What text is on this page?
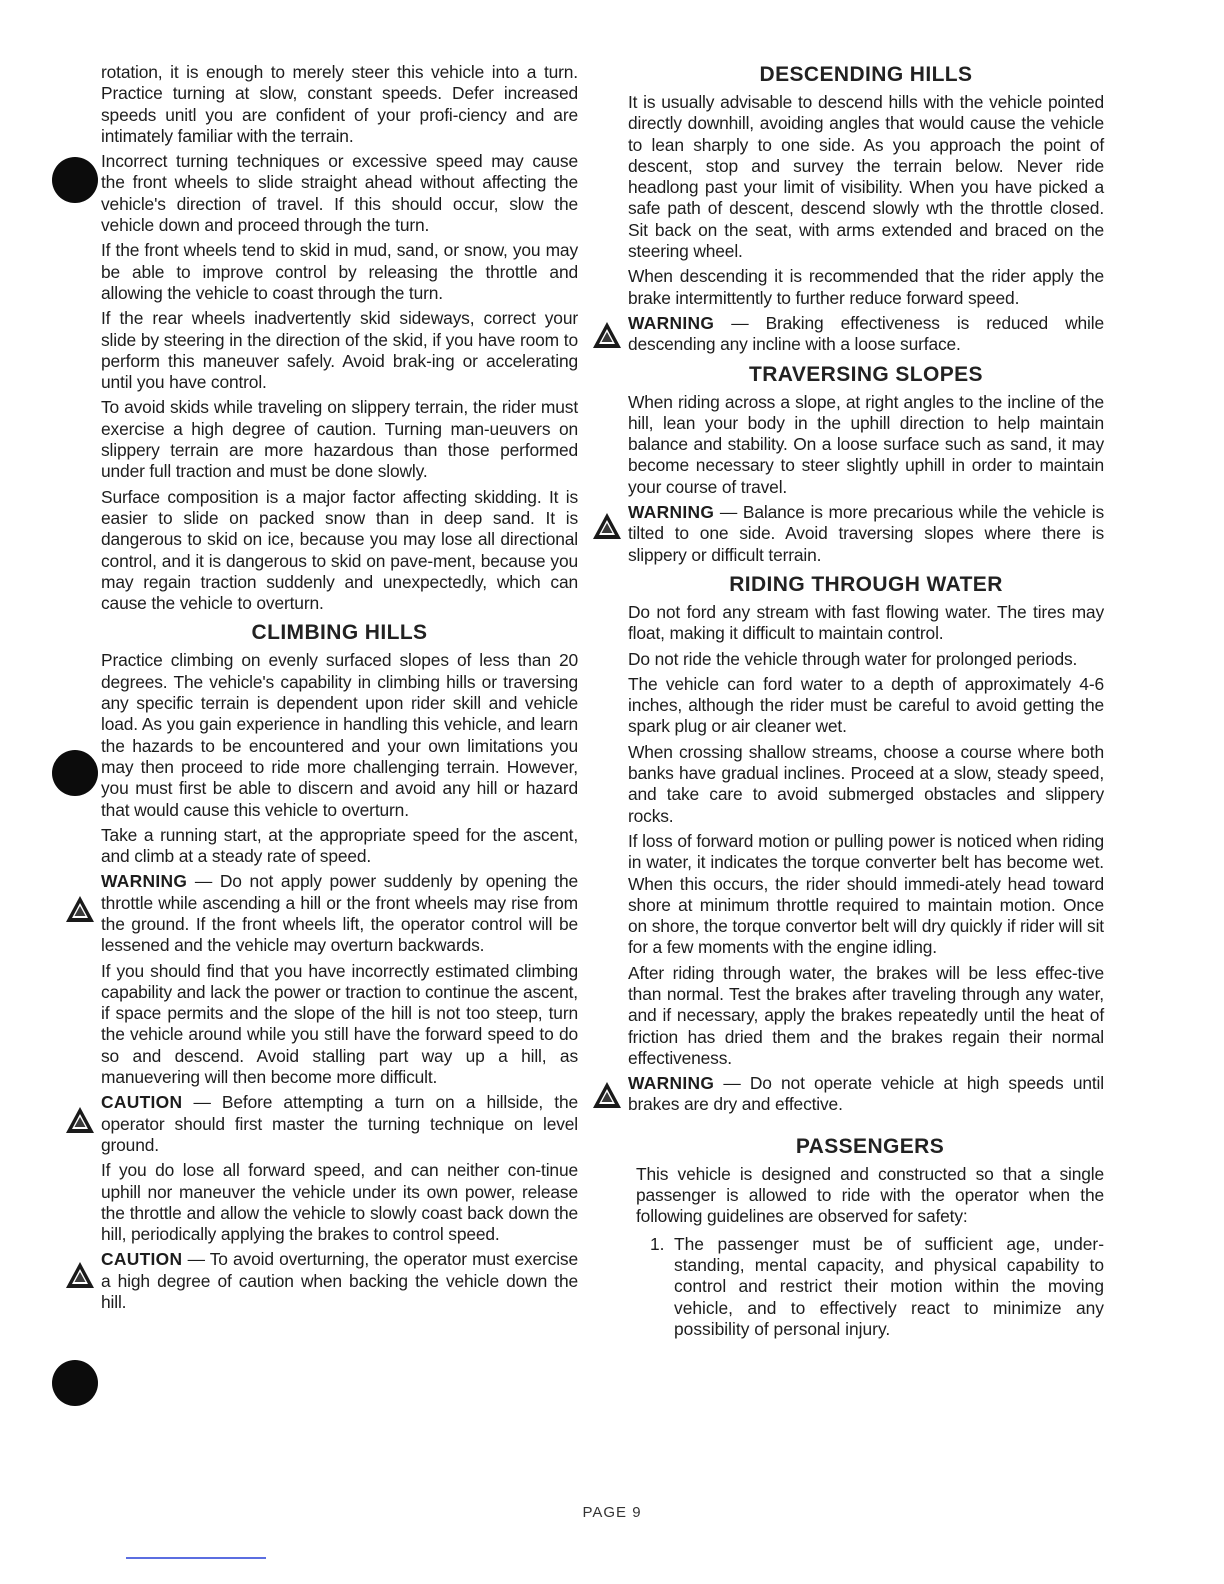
rotation, it is enough to merely steer this vehicle into a turn. Practice turning at slow, constant speeds. Defer increased speeds unitl you are confident of your profi-ciency and are intimately familiar with the terrain.

Incorrect turning techniques or excessive speed may cause the front wheels to slide straight ahead without affecting the vehicle's direction of travel. If this should occur, slow the vehicle down and proceed through the turn.

If the front wheels tend to skid in mud, sand, or snow, you may be able to improve control by releasing the throttle and allowing the vehicle to coast through the turn.

If the rear wheels inadvertently skid sideways, correct your slide by steering in the direction of the skid, if you have room to perform this maneuver safely. Avoid brak-ing or accelerating until you have control.

To avoid skids while traveling on slippery terrain, the rider must exercise a high degree of caution. Turning man-ueuvers on slippery terrain are more hazardous than those performed under full traction and must be done slowly.

Surface composition is a major factor affecting skidding. It is easier to slide on packed snow than in deep sand. It is dangerous to skid on ice, because you may lose all directional control, and it is dangerous to skid on pave-ment, because you may regain traction suddenly and unexpectedly, which can cause the vehicle to overturn.

CLIMBING HILLS

Practice climbing on evenly surfaced slopes of less than 20 degrees. The vehicle's capability in climbing hills or traversing any specific terrain is dependent upon rider skill and vehicle load. As you gain experience in handling this vehicle, and learn the hazards to be encountered and your own limitations you may then proceed to ride more challenging terrain. However, you must first be able to discern and avoid any hill or hazard that would cause this vehicle to overturn.

Take a running start, at the appropriate speed for the ascent, and climb at a steady rate of speed.

WARNING — Do not apply power suddenly by opening the throttle while ascending a hill or the front wheels may rise from the ground. If the front wheels lift, the operator control will be lessened and the vehicle may overturn backwards.

If you should find that you have incorrectly estimated climbing capability and lack the power or traction to continue the ascent, if space permits and the slope of the hill is not too steep, turn the vehicle around while you still have the forward speed to do so and descend. Avoid stalling part way up a hill, as manuevering will then become more difficult.

CAUTION — Before attempting a turn on a hillside, the operator should first master the turning technique on level ground.

If you do lose all forward speed, and can neither con-tinue uphill nor maneuver the vehicle under its own power, release the throttle and allow the vehicle to slowly coast back down the hill, periodically applying the brakes to control speed.

CAUTION — To avoid overturning, the operator must exercise a high degree of caution when backing the vehicle down the hill.

DESCENDING HILLS

It is usually advisable to descend hills with the vehicle pointed directly downhill, avoiding angles that would cause the vehicle to lean sharply to one side. As you approach the point of descent, stop and survey the terrain below. Never ride headlong past your limit of visibility. When you have picked a safe path of descent, descend slowly wth the throttle closed. Sit back on the seat, with arms extended and braced on the steering wheel.

When descending it is recommended that the rider apply the brake intermittently to further reduce forward speed.

WARNING — Braking effectiveness is reduced while descending any incline with a loose surface.

TRAVERSING SLOPES

When riding across a slope, at right angles to the incline of the hill, lean your body in the uphill direction to help maintain balance and stability. On a loose surface such as sand, it may become necessary to steer slightly uphill in order to maintain your course of travel.

WARNING — Balance is more precarious while the vehicle is tilted to one side. Avoid traversing slopes where there is slippery or difficult terrain.

RIDING THROUGH WATER

Do not ford any stream with fast flowing water. The tires may float, making it difficult to maintain control.

Do not ride the vehicle through water for prolonged periods.

The vehicle can ford water to a depth of approximately 4-6 inches, although the rider must be careful to avoid getting the spark plug or air cleaner wet.

When crossing shallow streams, choose a course where both banks have gradual inclines. Proceed at a slow, steady speed, and take care to avoid submerged obstacles and slippery rocks.

If loss of forward motion or pulling power is noticed when riding in water, it indicates the torque converter belt has become wet. When this occurs, the rider should immedi-ately head toward shore at minimum throttle required to maintain motion. Once on shore, the torque convertor belt will dry quickly if rider will sit for a few moments with the engine idling.

After riding through water, the brakes will be less effec-tive than normal. Test the brakes after traveling through any water, and if necessary, apply the brakes repeatedly until the heat of friction has dried them and the brakes regain their normal effectiveness.

WARNING — Do not operate vehicle at high speeds until brakes are dry and effective.

PASSENGERS

This vehicle is designed and constructed so that a single passenger is allowed to ride with the operator when the following guidelines are observed for safety:

1. The passenger must be of sufficient age, under-standing, mental capacity, and physical capability to control and restrict their motion within the moving vehicle, and to effectively react to minimize any possibility of personal injury.
PAGE 9
